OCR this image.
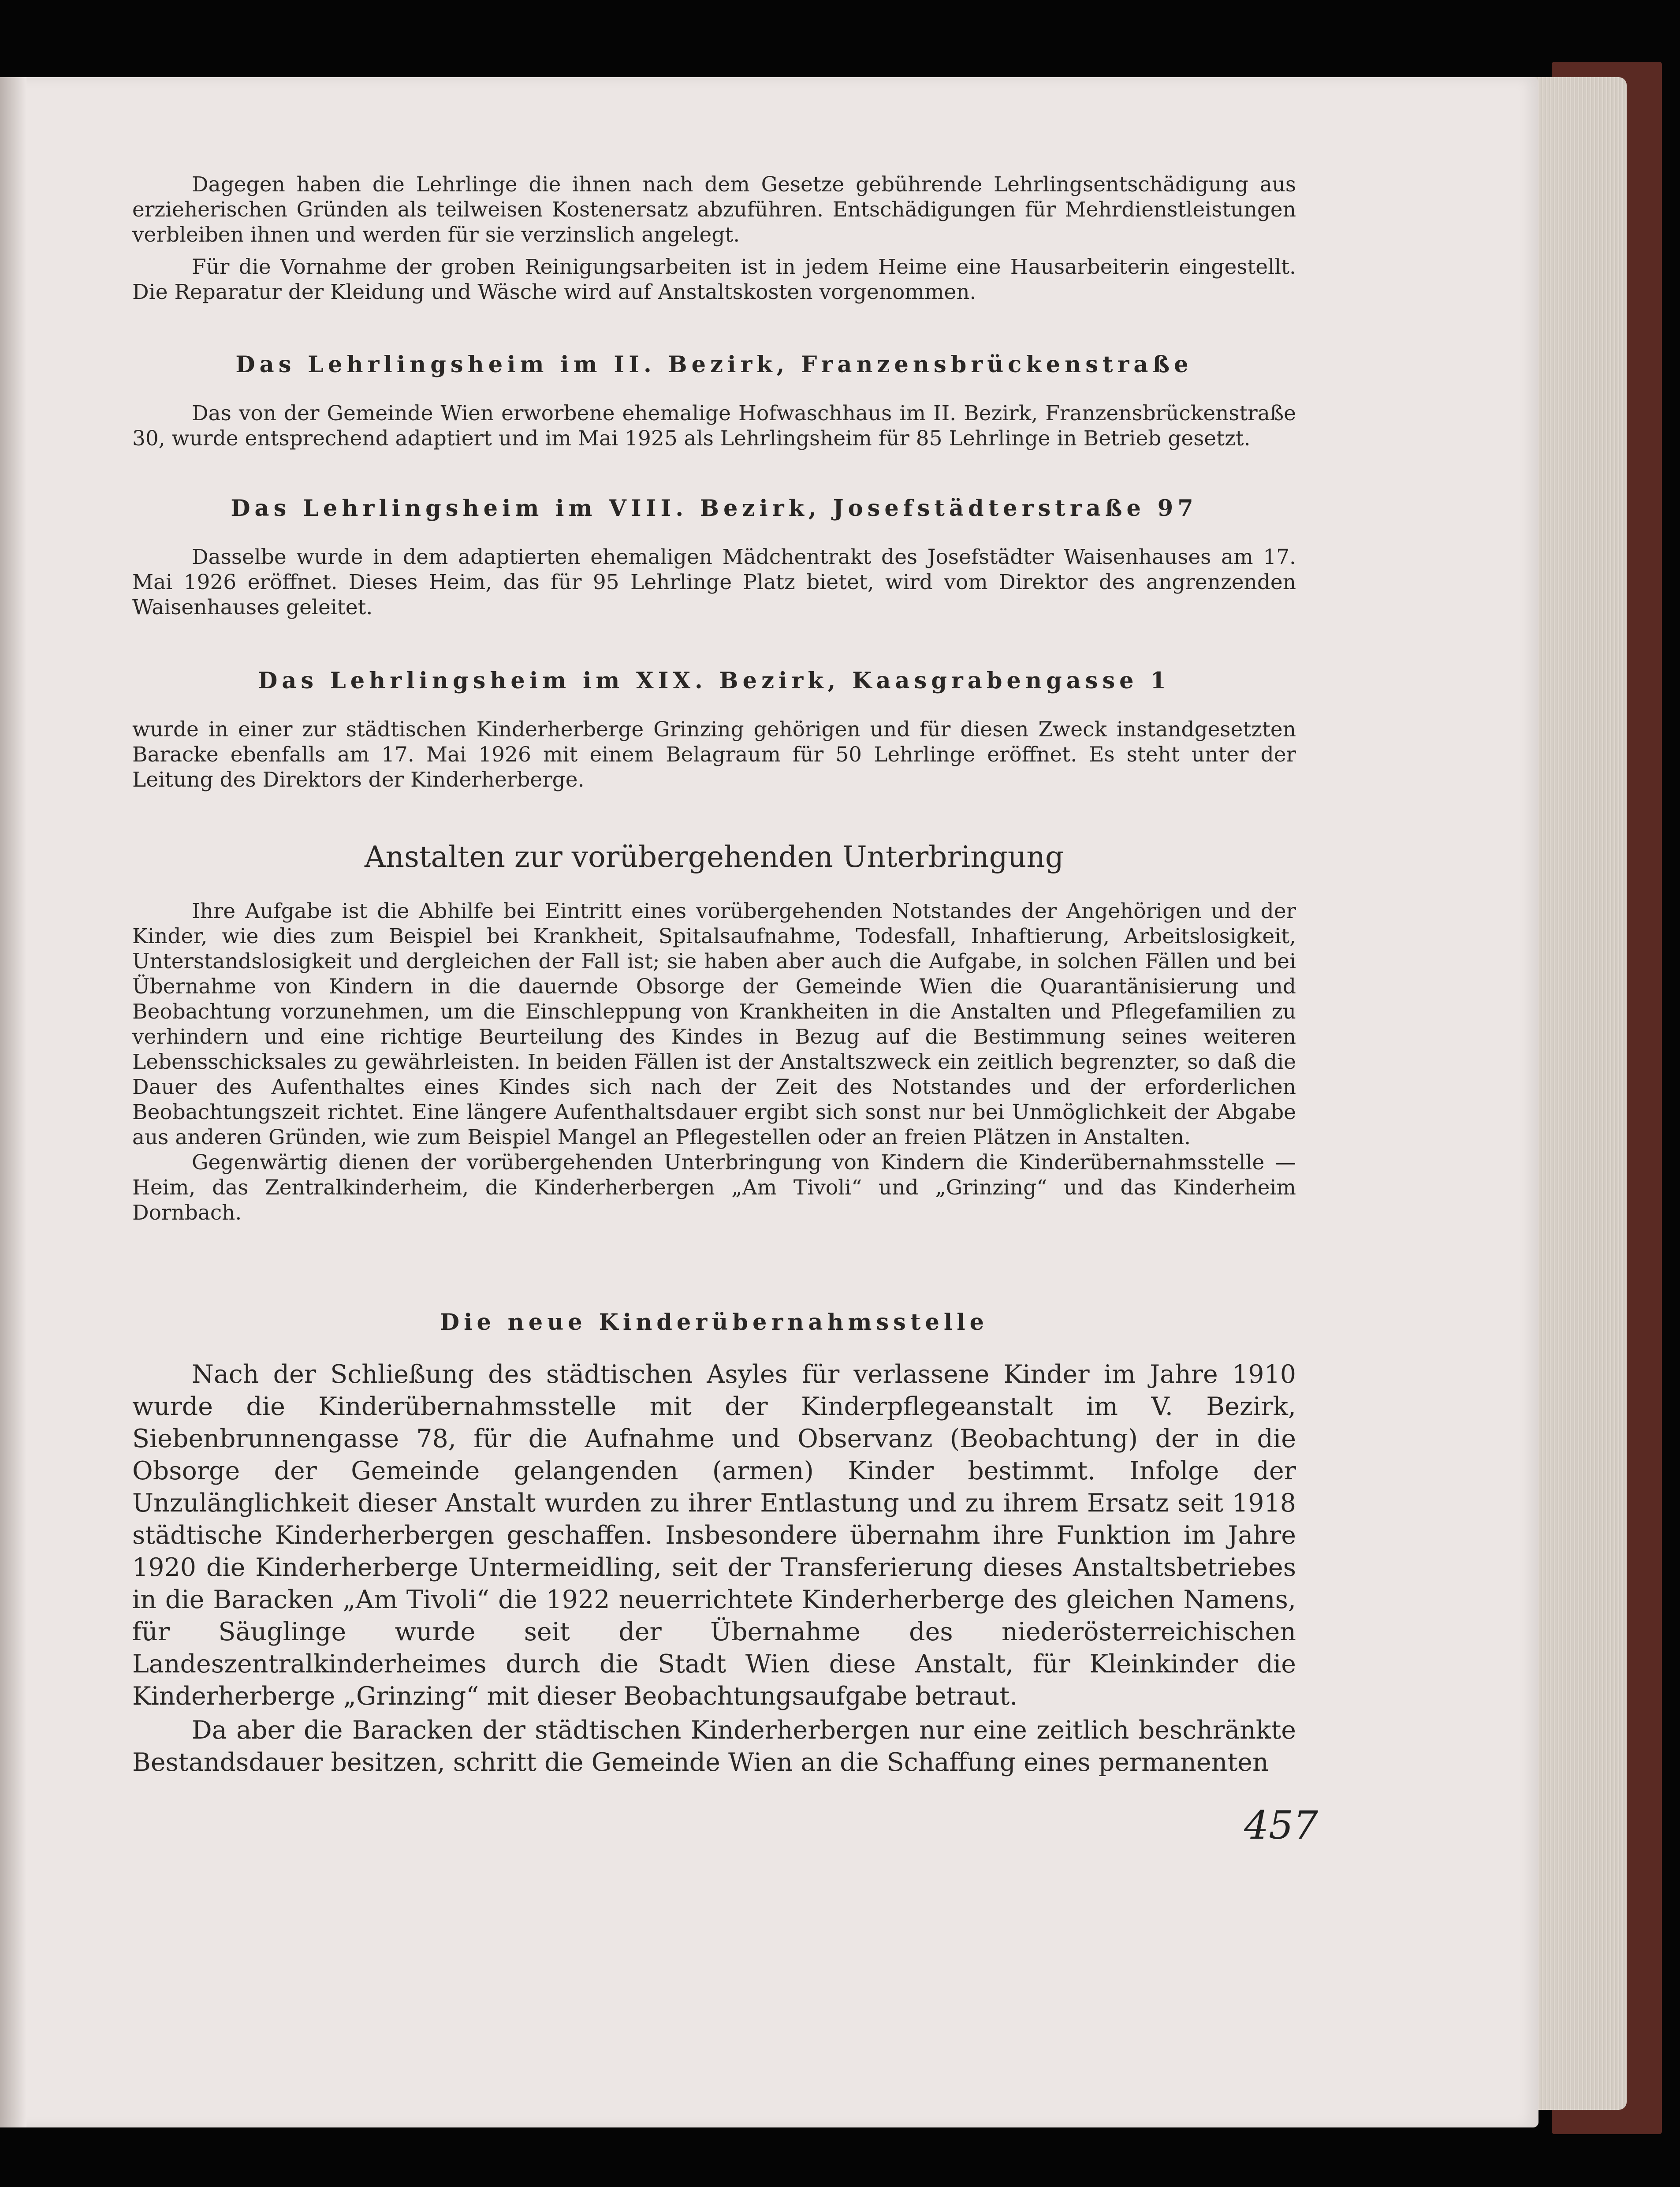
Dagegen haben die Lehrlinge die ihnen nach dem Gesetze gebührende Lehrlingsentschädigung aus erzieherischen Gründen als teilweisen Kostenersatz abzuführen. Entschädigungen für Mehrdienstleistungen verbleiben ihnen und werden für sie verzinslich angelegt.

Für die Vornahme der groben Reinigungsarbeiten ist in jedem Heime eine Hausarbeiterin eingestellt. Die Reparatur der Kleidung und Wäsche wird auf Anstaltskosten vorgenommen.

Das Lehrlingsheim im II. Bezirk, Franzensbrückenstraße

Das von der Gemeinde Wien erworbene ehemalige Hofwaschhaus im II. Bezirk, Franzensbrückenstraße 30, wurde entsprechend adaptiert und im Mai 1925 als Lehrlingsheim für 85 Lehrlinge in Betrieb gesetzt.

Das Lehrlingsheim im VIII. Bezirk, Josefstädterstraße 97

Dasselbe wurde in dem adaptierten ehemaligen Mädchentrakt des Josefstädter Waisenhauses am 17. Mai 1926 eröffnet. Dieses Heim, das für 95 Lehrlinge Platz bietet, wird vom Direktor des angrenzenden Waisenhauses geleitet.

Das Lehrlingsheim im XIX. Bezirk, Kaasgrabengasse 1

wurde in einer zur städtischen Kinderherberge Grinzing gehörigen und für diesen Zweck instandgesetzten Baracke ebenfalls am 17. Mai 1926 mit einem Belagraum für 50 Lehrlinge eröffnet. Es steht unter der Leitung des Direktors der Kinderherberge.

Anstalten zur vorübergehenden Unterbringung

Ihre Aufgabe ist die Abhilfe bei Eintritt eines vorübergehenden Notstandes der Angehörigen und der Kinder, wie dies zum Beispiel bei Krankheit, Spitalsaufnahme, Todesfall, Inhaftierung, Arbeitslosigkeit, Unterstandslosigkeit und dergleichen der Fall ist; sie haben aber auch die Aufgabe, in solchen Fällen und bei Übernahme von Kindern in die dauernde Obsorge der Gemeinde Wien die Quarantänisierung und Beobachtung vorzunehmen, um die Einschleppung von Krankheiten in die Anstalten und Pflegefamilien zu verhindern und eine richtige Beurteilung des Kindes in Bezug auf die Bestimmung seines weiteren Lebensschicksales zu gewährleisten. In beiden Fällen ist der Anstaltszweck ein zeitlich begrenzter, so daß die Dauer des Aufenthaltes eines Kindes sich nach der Zeit des Notstandes und der erforderlichen Beobachtungszeit richtet. Eine längere Aufenthaltsdauer ergibt sich sonst nur bei Unmöglichkeit der Abgabe aus anderen Gründen, wie zum Beispiel Mangel an Pflegestellen oder an freien Plätzen in Anstalten.

Gegenwärtig dienen der vorübergehenden Unterbringung von Kindern die Kinderübernahmsstelle — Heim, das Zentralkinderheim, die Kinderherbergen „Am Tivoli“ und „Grinzing“ und das Kinderheim Dornbach.

Die neue Kinderübernahmsstelle

Nach der Schließung des städtischen Asyles für verlassene Kinder im Jahre 1910 wurde die Kinderübernahmsstelle mit der Kinderpflegeanstalt im V. Bezirk, Siebenbrunnengasse 78, für die Aufnahme und Observanz (Beobachtung) der in die Obsorge der Gemeinde gelangenden (armen) Kinder bestimmt. Infolge der Unzulänglichkeit dieser Anstalt wurden zu ihrer Entlastung und zu ihrem Ersatz seit 1918 städtische Kinderherbergen geschaffen. Insbesondere übernahm ihre Funktion im Jahre 1920 die Kinderherberge Untermeidling, seit der Transferierung dieses Anstaltsbetriebes in die Baracken „Am Tivoli“ die 1922 neuerrichtete Kinderherberge des gleichen Namens, für Säuglinge wurde seit der Übernahme des niederösterreichischen Landeszentralkinderheimes durch die Stadt Wien diese Anstalt, für Kleinkinder die Kinderherberge „Grinzing“ mit dieser Beobachtungsaufgabe betraut.

Da aber die Baracken der städtischen Kinderherbergen nur eine zeitlich beschränkte Bestandsdauer besitzen, schritt die Gemeinde Wien an die Schaffung eines permanenten

457
